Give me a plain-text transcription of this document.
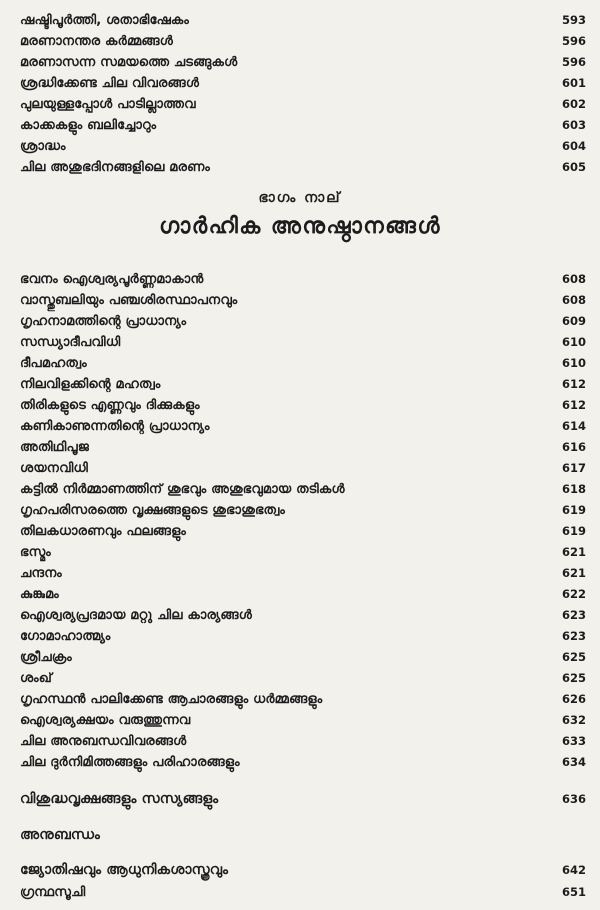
ഷഷ്ടിപൂർത്തി, ശതാഭിഷേകം	593
മരണാനന്തര കർമ്മങ്ങൾ	596
മരണാസന്ന സമയത്തെ ചടങ്ങുകൾ	596
ശ്രദ്ധിക്കേണ്ട ചില വിവരങ്ങൾ	601
പുലയുള്ളപ്പോൾ പാടില്ലാത്തവ	602
കാക്കകളും ബലിച്ചോറും	603
ശ്രാദ്ധം	604
ചില അശുഭദിനങ്ങളിലെ മരണം	605
ഭാഗം നാല്
ഗാർഹിക അനുഷ്ഠാനങ്ങൾ
ഭവനം ഐശ്വര്യപൂർണ്ണമാകാൻ	608
വാസ്തുബലിയും പഞ്ചശിരസ്ഥാപനവും	608
ഗൃഹനാമത്തിന്റെ പ്രാധാന്യം	609
സന്ധ്യാദീപവിധി	610
ദീപമഹത്വം	610
നിലവിളക്കിന്റെ മഹത്വം	612
തിരികളുടെ എണ്ണവും ദിക്കുകളും	612
കണികാണുന്നതിന്റെ പ്രാധാന്യം	614
അതിഥിപൂജ	616
ശയനവിധി	617
കട്ടിൽ നിർമ്മാണത്തിന് ശുഭവും അശുഭവുമായ തടികൾ	618
ഗൃഹപരിസരത്തെ വൃക്ഷങ്ങളുടെ ശുഭാശുഭത്വം	619
തിലകധാരണവും ഫലങ്ങളും	619
ഭസ്മം	621
ചന്ദനം	621
കുങ്കുമം	622
ഐശ്വര്യപ്രദമായ മറ്റു ചില കാര്യങ്ങൾ	623
ഗോമാഹാത്മ്യം	623
ശ്രീചക്രം	625
ശംഖ്	625
ഗൃഹസ്ഥൻ പാലിക്കേണ്ട ആചാരങ്ങളും ധർമ്മങ്ങളും	626
ഐശ്വര്യക്ഷയം വരുത്തുന്നവ	632
ചില അനുബന്ധവിവരങ്ങൾ	633
ചില ദുർനിമിത്തങ്ങളും പരിഹാരങ്ങളും	634
വിശുദ്ധവൃക്ഷങ്ങളും സസ്യങ്ങളും	636
അനുബന്ധം
ജ്യോതിഷവും ആധുനികശാസ്ത്രവും	642
ഗ്രന്ഥസൂചി	651
